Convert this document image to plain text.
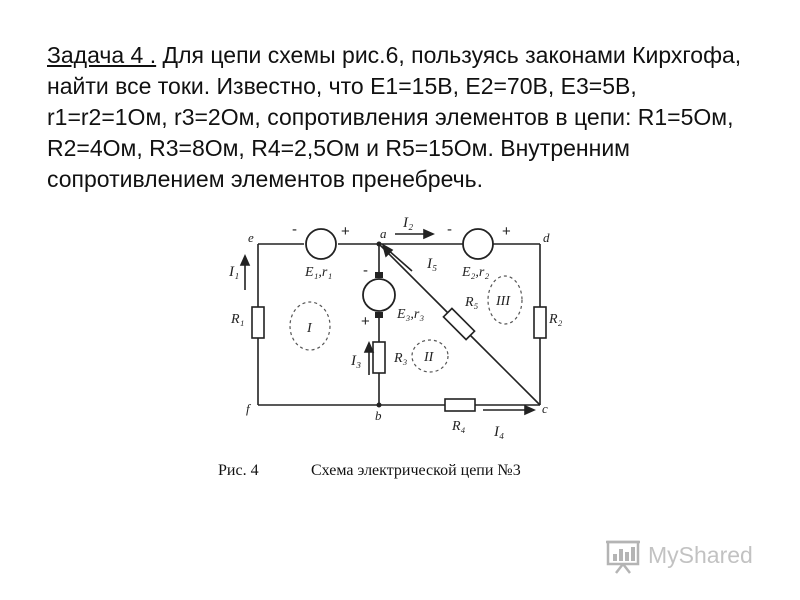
Задача 4 . Для цепи схемы рис.6, пользуясь законами Кирхгофа, найти все токи. Известно, что E1=15В, E2=70В, E3=5В, r1=r2=1Ом, r3=2Ом, сопротивления элементов в цепи: R1=5Ом, R2=4Ом, R3=8Ом, R4=2,5Ом и R5=15Ом. Внутренним сопротивлением элементов пренебречь.

e	a	d
f	b	c
-	+
E₁,r₁
-	+
E₂,r₂
-
+ E₃,r₃
R₁	R₂
R₃
R₄
R₅
I₁
I₂
I₃
I₄
I₅
I
II
III
Рис. 4	Схема электрической цепи №3
MyShared
